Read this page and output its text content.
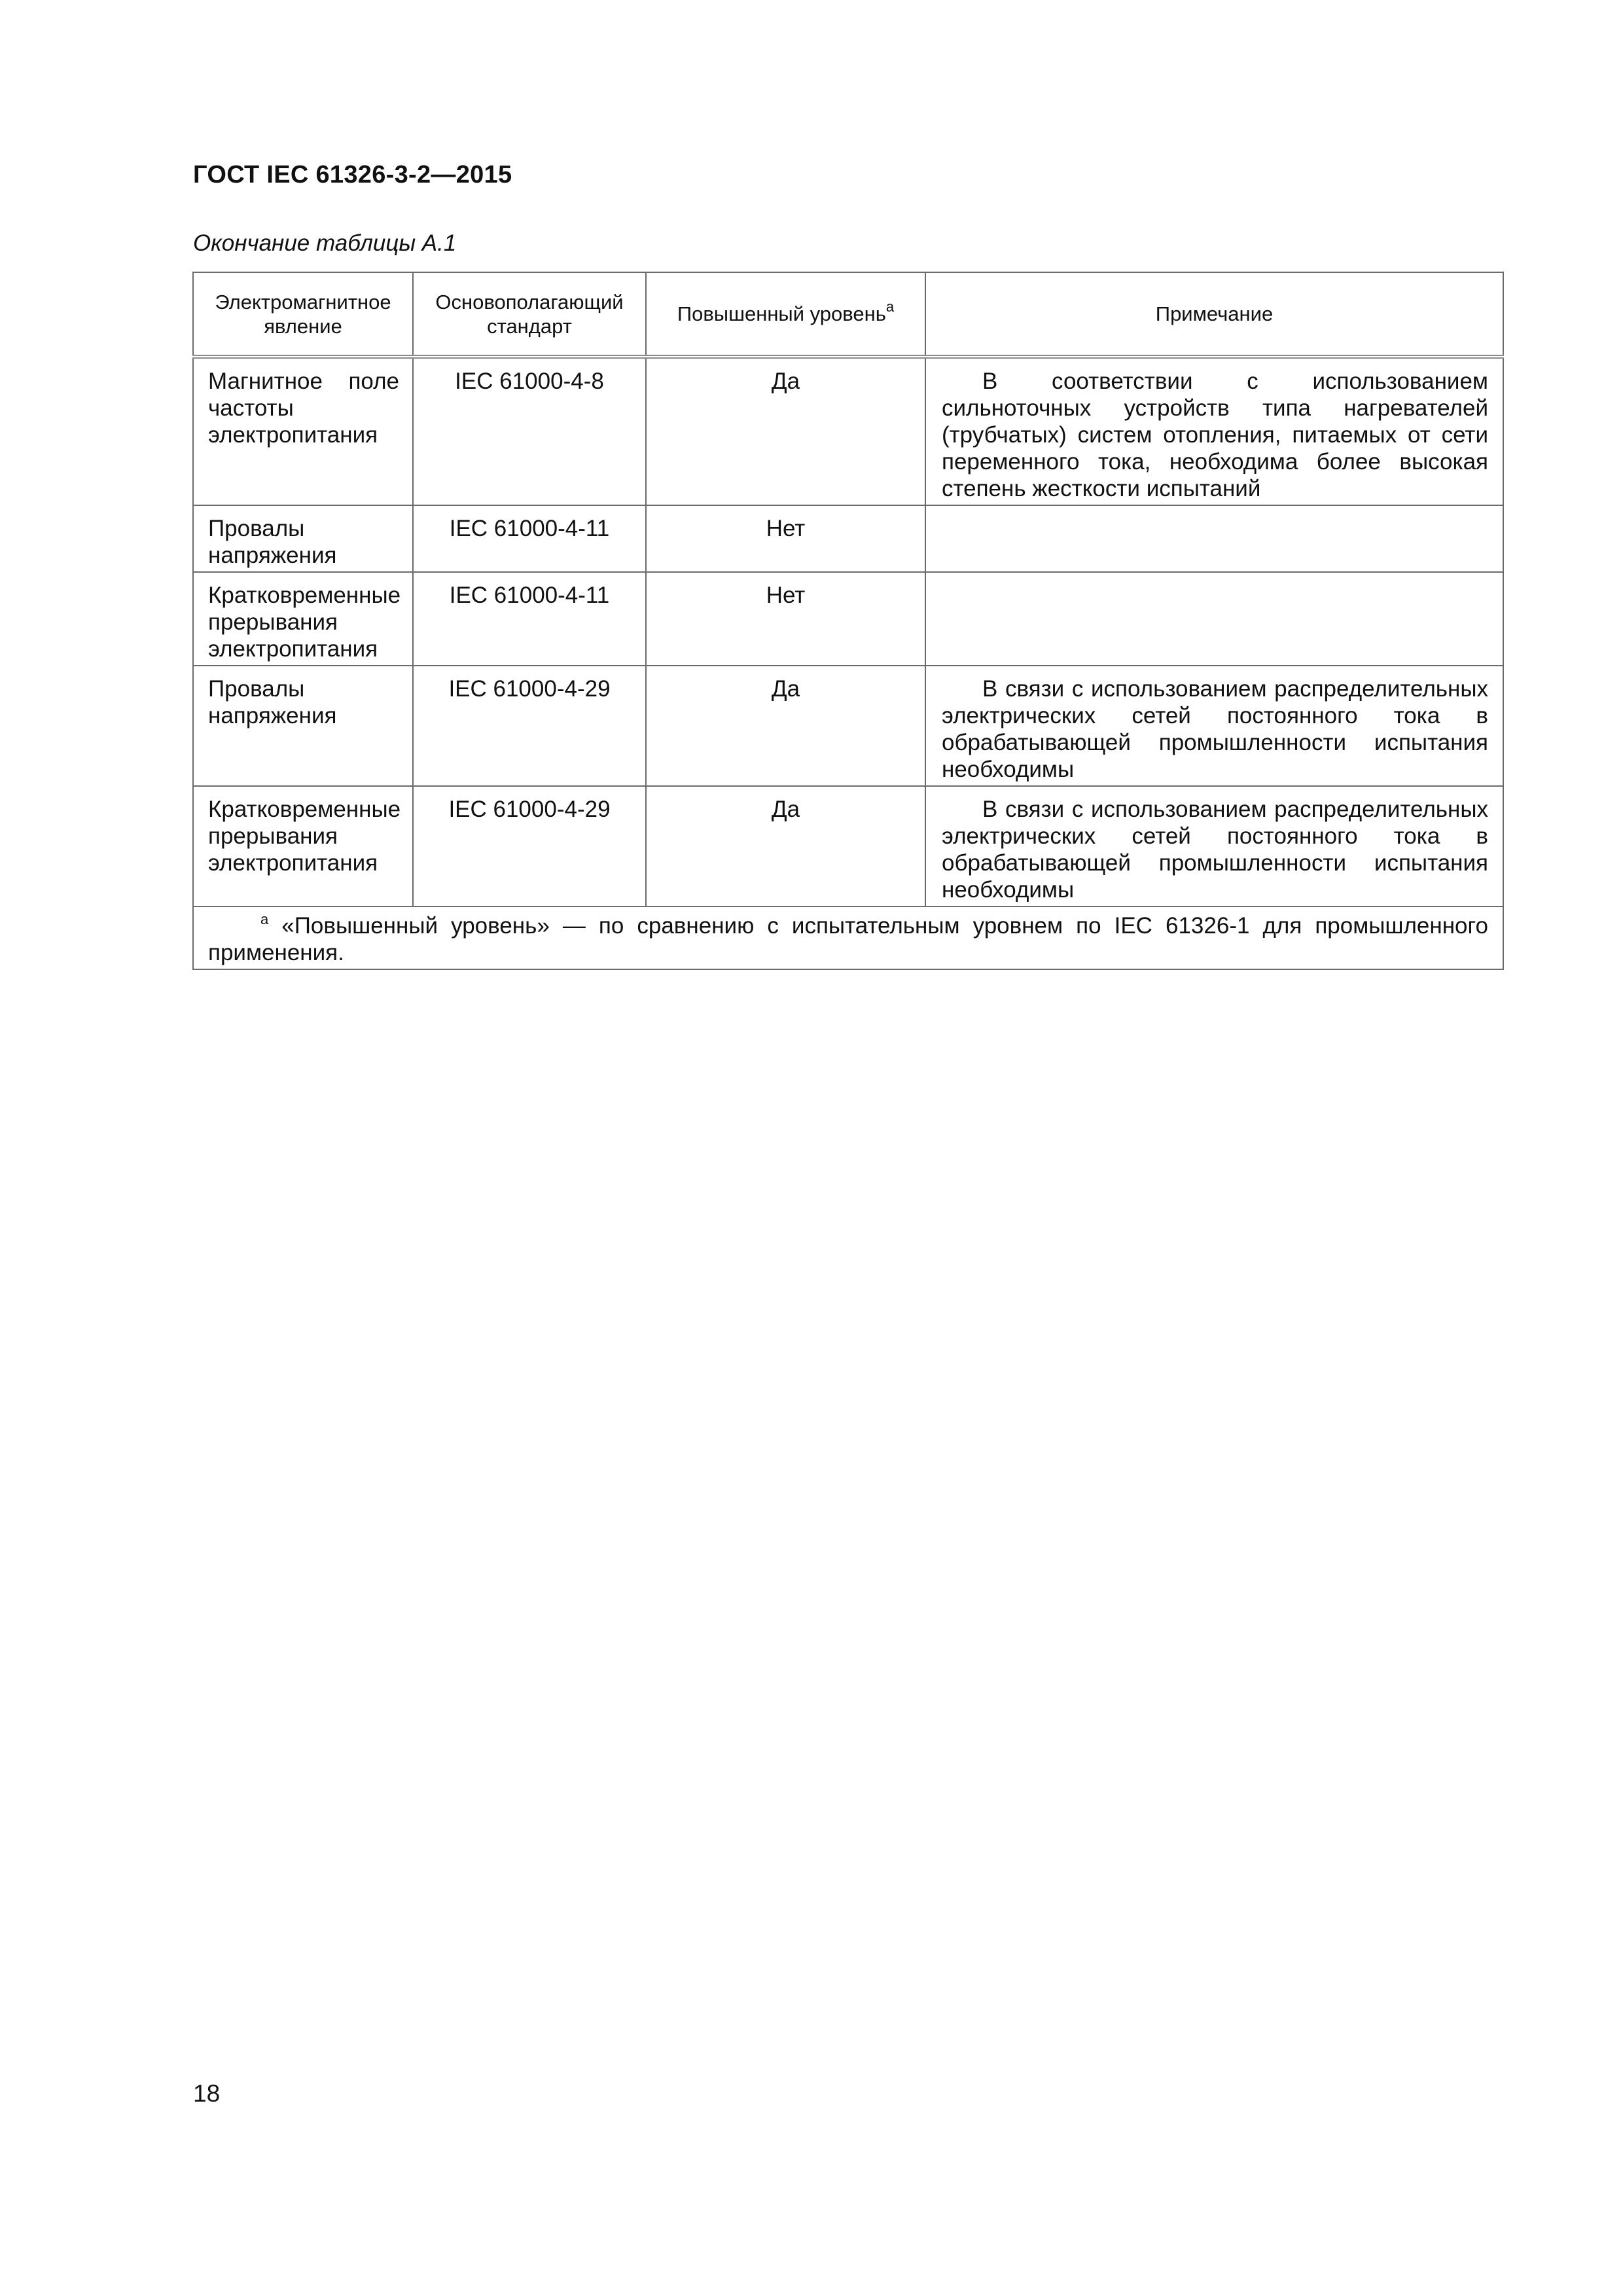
ГОСТ IEC 61326-3-2—2015
Окончание таблицы А.1
Электромагнитное явление	Основополагающий стандарт	Повышенный уровень$^a$	Примечание
Магнитное поле частоты электропитания	IEC 61000-4-8	Да	В соответствии с использованием сильноточных устройств типа нагревателей (трубчатых) систем отопления, питаемых от сети переменного тока, необходима более высокая степень жесткости испытаний
Провалы напряжения	IEC 61000-4-11	Нет	
Кратковременные прерывания электропитания	IEC 61000-4-11	Нет	
Провалы напряжения	IEC 61000-4-29	Да	В связи с использованием распределительных электрических сетей постоянного тока в обрабатывающей промышленности испытания необходимы
Кратковременные прерывания электропитания	IEC 61000-4-29	Да	В связи с использованием распределительных электрических сетей постоянного тока в обрабатывающей промышленности испытания необходимы

$^a$ «Повышенный уровень» — по сравнению с испытательным уровнем по IEC 61326-1 для промышленного применения.			
18
